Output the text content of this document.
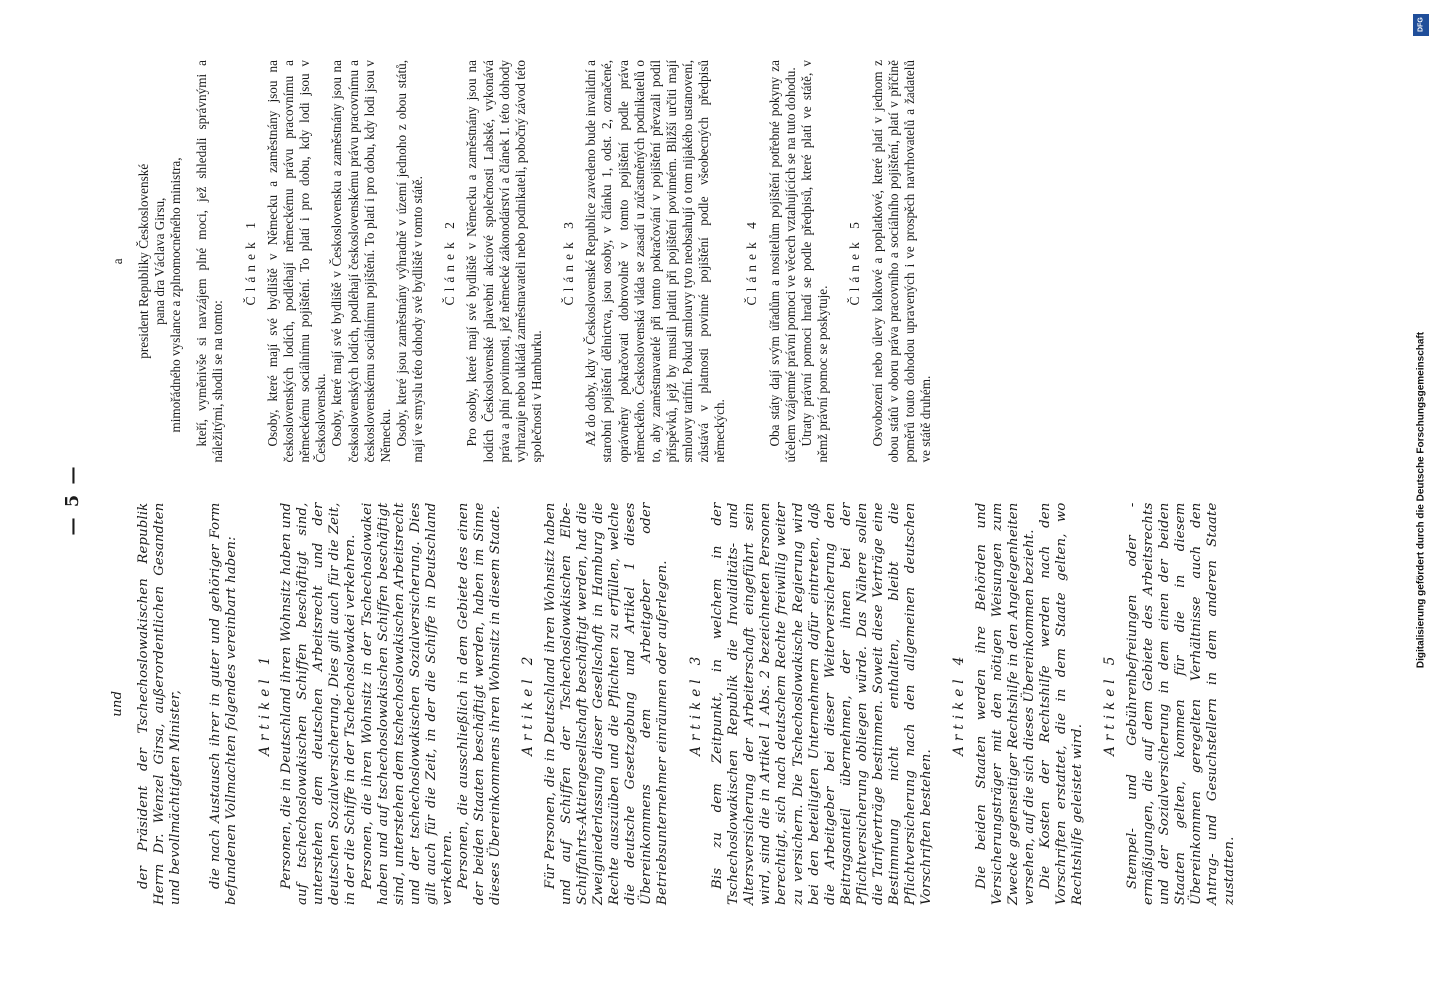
— 5 —
und der Präsident der Tschechoslowakischen Republik Herrn Dr. Wenzel Girsa, außerordentlichen Gesandten und bevollmächtigten Minister, die nach Austausch ihrer in guter und gehöriger Form befundenen Vollmachten folgendes vereinbart haben: Artikel 1 Personen, die in Deutschland ihren Wohnsitz haben und auf tschechoslowakischen Schiffen beschäftigt sind, unterstehen dem deutschen Arbeitsrecht und der deutschen Sozialversicherung. Dies gilt auch für die Zeit, in der die Schiffe in der Tschechoslowakei verkehren. Personen, die ihren Wohnsitz in der Tschechoslowakei haben und auf tschechoslowakischen Schiffen beschäftigt sind, unterstehen dem tschechoslowakischen Arbeitsrecht und der tschechoslowakischen Sozialversicherung. Dies gilt auch für die Zeit, in der die Schiffe in Deutschland verkehren. Personen, die ausschließlich in dem Gebiete des einen der beiden Staaten beschäftigt werden, haben im Sinne dieses Übereinkommens ihren Wohnsitz in diesem Staate. Artikel 2 Für Personen, die in Deutschland ihren Wohnsitz haben und auf Schiffen der Tschechoslowakischen Elbe-Schiffahrts-Aktiengesellschaft beschäftigt werden, hat die Zweigniederlassung dieser Gesellschaft in Hamburg die Rechte auszuüben und die Pflichten zu erfüllen, welche die deutsche Gesetzgebung und Artikel 1 dieses Übereinkommens dem Arbeitgeber oder Betriebsunternehmer einräumen oder auferlegen. Artikel 3 Bis zu dem Zeitpunkt, in welchem in der Tschechoslowakischen Republik die Invaliditäts- und Altersversicherung der Arbeiterschaft eingeführt sein wird, sind die in Artikel 1 Abs. 2 bezeichneten Personen berechtigt, sich nach deutschem Rechte freiwillig weiter zu versichern. Die Tschechoslowakische Regierung wird bei den beteiligten Unternehmern dafür eintreten, daß die Arbeitgeber bei dieser Weiterversicherung den Beitragsanteil übernehmen, der ihnen bei der Pflichtversicherung obliegen würde. Das Nähere sollen die Tarifverträge bestimmen. Soweit diese Verträge eine Bestimmung nicht enthalten, bleibt die Pflichtversicherung nach den allgemeinen deutschen Vorschriften bestehen.

Artikel 4 Die beiden Staaten werden ihre Behörden und Versicherungsträger mit den nötigen Weisungen zum Zwecke gegenseitiger Rechtshilfe in den Angelegenheiten versehen, auf die sich dieses Übereinkommen bezieht. Die Kosten der Rechtshilfe werden nach den Vorschriften erstattet, die in dem Staate gelten, wo Rechtshilfe geleistet wird.

Artikel 5 Stempel- und Gebührenbefreiungen oder -ermäßigungen, die auf dem Gebiete des Arbeitsrechts und der Sozialversicherung in dem einen der beiden Staaten gelten, kommen für die in diesem Übereinkommen geregelten Verhältnisse auch den Antrag- und Gesuchstellern in dem anderen Staate zustatten.

a president Republiky Československé pana dra Václava Girsu, mimořádného vyslance a zplnomocněného ministra, kteří, vyměnivše si navzájem plné moci, jež shledali správnými a náležitými, shodli se na tomto:

Článek 1 Osoby, které mají své bydliště v Německu a zaměstnány jsou na československých lodích, podléhají německému právu pracovnímu a německému sociálnímu pojištění. To platí i pro dobu, kdy lodi jsou v Československu. Osoby, které mají své bydliště v Československu a zaměstnány jsou na československých lodích, podléhají československému právu pracovnímu a československému sociálnímu pojištění. To platí i pro dobu, kdy lodi jsou v Německu. Osoby, které jsou zaměstnány výhradně v území jednoho z obou států, mají ve smyslu této dohody své bydliště v tomto státě. Článek 2 Pro osoby, které mají své bydliště v Německu a zaměstnány jsou na lodích Československé plavební akciové společnosti Labské, vykonává práva a plní povinnosti, jež německé zákonodárství a článek I. této dohody vyhrazuje nebo ukládá zaměstnavateli nebo podnikateli, pobočný závod této společnosti v Hamburku.

Článek 3 Až do doby, kdy v Československé Republice zavedeno bude invalidní a starobní pojištění dělnictva, jsou osoby, v článku 1, odst. 2, označené, oprávněny pokračovati dobrovolně v tomto pojištění podle práva německého. Československá vláda se zasadí u zúčastněných podnikatelů o to, aby zaměstnavatelé při tomto pokračování v pojištění převzali podíl příspěvků, jejž by musili platiti při pojištění povinném. Bližší určiti mají smlouvy tarifní. Pokud smlouvy tyto neobsahují o tom nijakého ustanovení, zůstává v platnosti povinné pojištění podle všeobecných předpisů německých.

Článek 4 Oba státy dají svým úřadům a nositelům pojištění potřebné pokyny za účelem vzájemné právní pomoci ve věcech vztahujících se na tuto dohodu. Útraty právní pomoci hradí se podle předpisů, které platí ve státě, v němž právní pomoc se poskytuje.

Článek 5 Osvobození nebo úlevy kolkové a poplatkové, které platí v jednom z obou států v oboru práva pracovního a sociálního pojištění, platí v příčině poměrů touto dohodou upravených i ve prospěch navrhovatelů a žadatelů ve státě druhém.

DFG
Digitalisierung gefördert durch die Deutsche Forschungsgemeinschaft
